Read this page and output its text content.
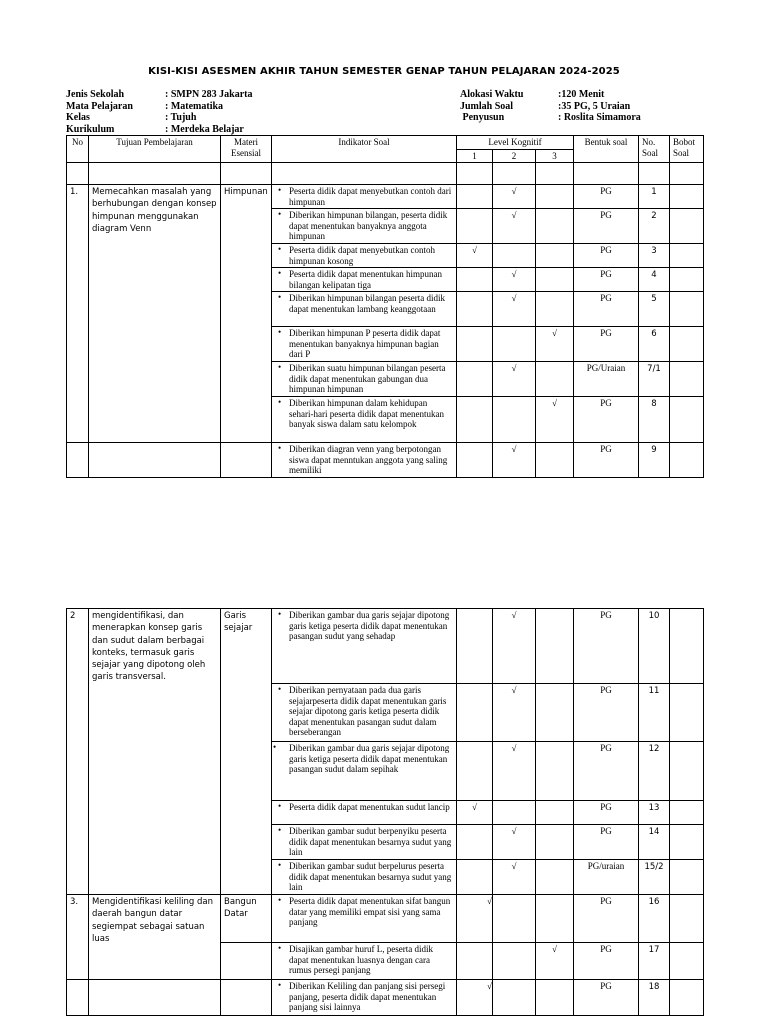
KISI-KISI ASESMEN AKHIR TAHUN SEMESTER GENAP TAHUN PELAJARAN 2024-2025
Jenis Sekolah	: SMPN 283 Jakarta
Mata Pelajaran	: Matematika
Kelas	: Tujuh
Kurikulum	: Merdeka Belajar
Alokasi Waktu	:120 Menit
Jumlah Soal	:35 PG, 5 Uraian
Penyusun	: Roslita Simamora
No	Tujuan Pembelajaran	Materi Esensial	Indikator Soal	Level Kognitif			Bentuk soal	No. Soal	Bobot Soal
				1	2	3			

1.	Memecahkan masalah yang berhubungan dengan konsep himpunan menggunakan diagram Venn	Himpunan	• Peserta didik dapat menyebutkan contoh dari himpunan		√		PG	1	

			• Diberikan himpunan bilangan, peserta didik dapat menentukan banyaknya anggota himpunan		√		PG	2	

			• Peserta didik dapat menyebutkan contoh himpunan kosong	√			PG	3	

			• Peserta didik dapat menentukan himpunan bilangan kelipatan tiga		√		PG	4	

			• Diberikan himpunan bilangan peserta didik dapat menentukan lambang keanggotaan		√		PG	5	

			• Diberikan himpunan P peserta didik dapat menentukan banyaknya himpunan bagian dari P			√	PG	6	

			• Diberikan suatu himpunan bilangan peserta didik dapat menentukan gabungan dua himpunan himpunan		√		PG/Uraian	7/1	

			• Diberikan himpunan dalam kehidupan sehari-hari peserta didik dapat menentukan banyak siswa dalam satu kelompok			√	PG	8	

			• Diberikan diagran venn yang berpotongan siswa dapat menntukan anggota yang saling memiliki		√		PG	9	
2	mengidentifikasi, dan menerapkan konsep garis dan sudut dalam berbagai konteks, termasuk garis sejajar yang dipotong oleh garis transversal.	Garis sejajar	• Diberikan gambar dua garis sejajar dipotong garis ketiga peserta didik dapat menentukan pasangan sudut yang sehadap		√		PG	10	

			• Diberikan pernyataan pada dua garis sejajarpeserta didik dapat menentukan garis sejajar dipotong garis ketiga peserta didik dapat menentukan pasangan sudut dalam berseberangan		√		PG	11	

			• Diberikan gambar dua garis sejajar dipotong garis ketiga peserta didik dapat menentukan pasangan sudut dalam sepihak		√		PG	12	

			• Peserta didik dapat menentukan sudut lancip	√			PG	13	

			• Diberikan gambar sudut berpenyiku peserta didik dapat menentukan besarnya sudut yang lain		√		PG	14	

			• Diberikan gambar sudut berpelurus peserta didik dapat menentukan besarnya sudut yang lain		√		PG/uraian	15/2	
3.	Mengidentifikasi keliling dan daerah bangun datar segiempat sebagai satuan luas	Bangun Datar	• Peserta didik dapat menentukan sifat bangun datar yang memiliki empat sisi yang sama panjang	√			PG	16	

			• Disajikan gambar huruf L, peserta didik dapat menentukan luasnya dengan cara rumus persegi panjang			√	PG	17	

			• Diberikan Keliling dan panjang sisi persegi panjang, peserta didik dapat menentukan panjang sisi lainnya	√			PG	18	
